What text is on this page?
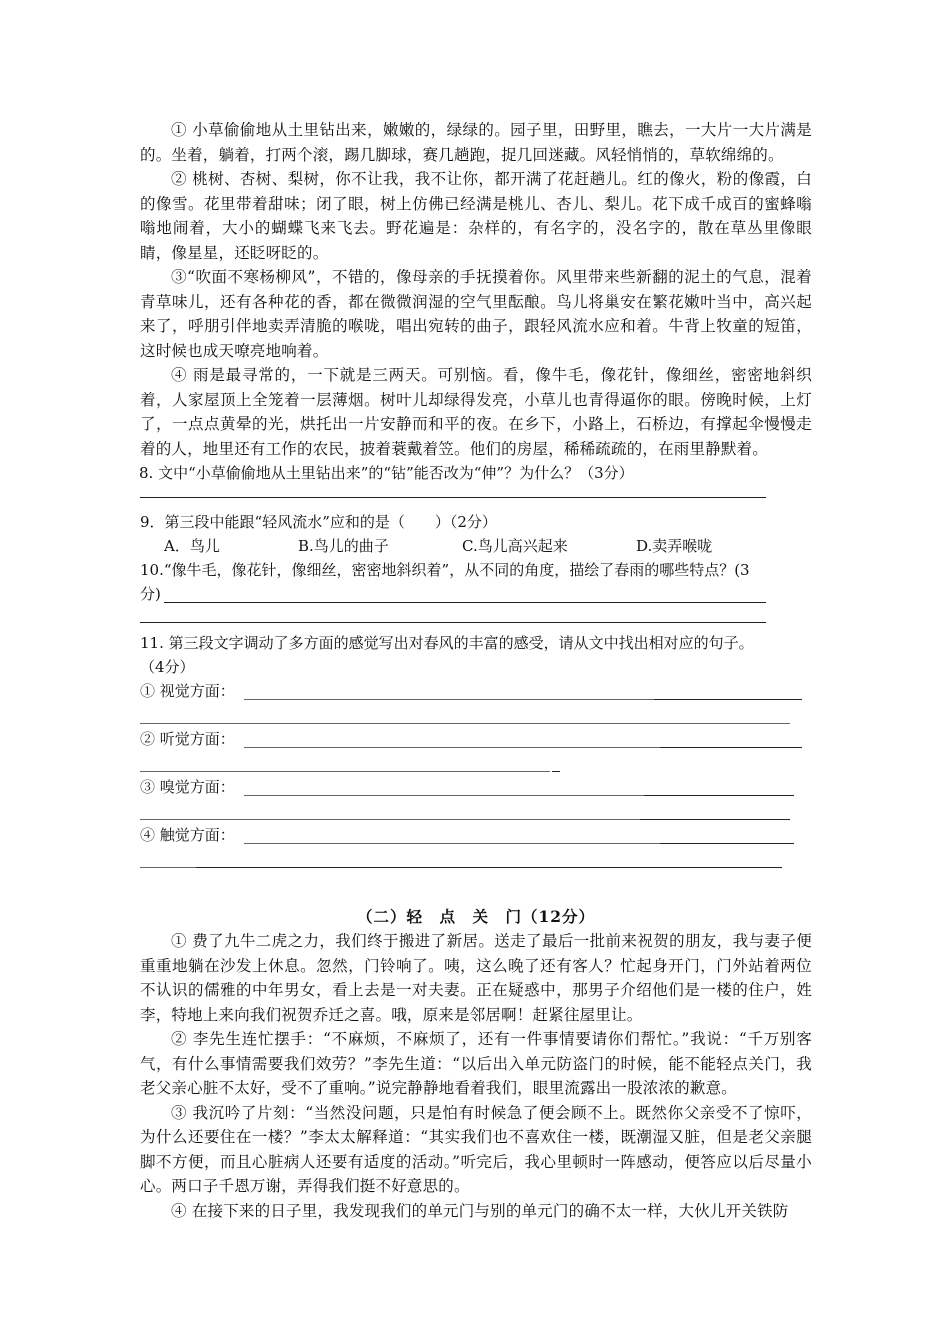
① 小草偷偷地从土里钻出来，嫩嫩的，绿绿的。园子里，田野里，瞧去，一大片一大片满是的。坐着，躺着，打两个滚，踢几脚球，赛几趟跑，捉几回迷藏。风轻悄悄的，草软绵绵的。

② 桃树、杏树、梨树，你不让我，我不让你，都开满了花赶趟儿。红的像火，粉的像霞，白的像雪。花里带着甜味；闭了眼，树上仿佛已经满是桃儿、杏儿、梨儿。花下成千成百的蜜蜂嗡嗡地闹着，大小的蝴蝶飞来飞去。野花遍是：杂样的，有名字的，没名字的，散在草丛里像眼睛，像星星，还眨呀眨的。

③“吹面不寒杨柳风”，不错的，像母亲的手抚摸着你。风里带来些新翻的泥土的气息，混着青草味儿，还有各种花的香，都在微微润湿的空气里酝酿。鸟儿将巢安在繁花嫩叶当中，高兴起来了，呼朋引伴地卖弄清脆的喉咙，唱出宛转的曲子，跟轻风流水应和着。牛背上牧童的短笛，这时候也成天嘹亮地响着。

④ 雨是最寻常的，一下就是三两天。可别恼。看，像牛毛，像花针，像细丝，密密地斜织着，人家屋顶上全笼着一层薄烟。树叶儿却绿得发亮，小草儿也青得逼你的眼。傍晚时候，上灯了，一点点黄晕的光，烘托出一片安静而和平的夜。在乡下，小路上，石桥边，有撑起伞慢慢走着的人，地里还有工作的农民，披着蓑戴着笠。他们的房屋，稀稀疏疏的，在雨里静默着。

8. 文中“小草偷偷地从土里钻出来”的“钻”能否改为“伸”？为什么？（3分）

9．第三段中能跟“轻风流水”应和的是（　　）（2分）

A．鸟儿	B.鸟儿的曲子	C.鸟儿高兴起来	D.卖弄喉咙

10.“像牛毛，像花针，像细丝，密密地斜织着”，从不同的角度，描绘了春雨的哪些特点？(3

分)

11. 第三段文字调动了多方面的感觉写出对春风的丰富的感受，请从文中找出相对应的句子。

（4分）

① 视觉方面：
② 听觉方面：
③ 嗅觉方面：
④ 触觉方面：

（二）轻　点　关　门（12分）

① 费了九牛二虎之力，我们终于搬进了新居。送走了最后一批前来祝贺的朋友，我与妻子便重重地躺在沙发上休息。忽然，门铃响了。咦，这么晚了还有客人？忙起身开门，门外站着两位不认识的儒雅的中年男女，看上去是一对夫妻。正在疑惑中，那男子介绍他们是一楼的住户，姓李，特地上来向我们祝贺乔迁之喜。哦，原来是邻居啊！赶紧往屋里让。

② 李先生连忙摆手：“不麻烦，不麻烦了，还有一件事情要请你们帮忙。”我说：“千万别客气，有什么事情需要我们效劳？”李先生道：“以后出入单元防盗门的时候，能不能轻点关门，我老父亲心脏不太好，受不了重响。”说完静静地看着我们，眼里流露出一股浓浓的歉意。

③ 我沉吟了片刻：“当然没问题，只是怕有时候急了便会顾不上。既然你父亲受不了惊吓，为什么还要住在一楼？”李太太解释道：“其实我们也不喜欢住一楼，既潮湿又脏，但是老父亲腿脚不方便，而且心脏病人还要有适度的活动。”听完后，我心里顿时一阵感动，便答应以后尽量小心。两口子千恩万谢，弄得我们挺不好意思的。

④ 在接下来的日子里，我发现我们的单元门与别的单元门的确不太一样，大伙儿开关铁防
